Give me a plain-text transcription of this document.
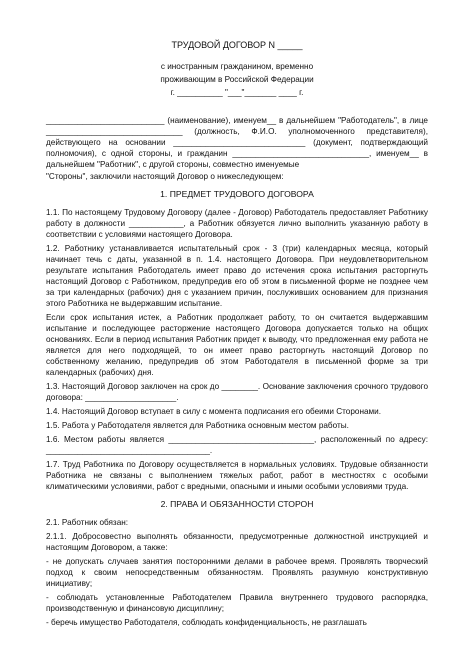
ТРУДОВОЙ ДОГОВОР N _____
с иностранным гражданином, временно
проживающим в Российской Федерации
г. __________ "___"_______ ____ г.

__________________________ (наименование), именуем__ в дальнейшем "Работодатель", в лице ______________________________ (должность, Ф.И.О. уполномоченного представителя), действующего на основании _____________________________ (документ, подтверждающий полномочия), с одной стороны, и гражданин ______________________________, именуем__ в дальнейшем "Работник", с другой стороны, совместно именуемые

"Стороны", заключили настоящий Договор о нижеследующем:

1. ПРЕДМЕТ ТРУДОВОГО ДОГОВОРА

1.1. По настоящему Трудовому Договору (далее - Договор) Работодатель предоставляет Работнику работу в должности ____________, а Работник обязуется лично выполнить указанную работу в соответствии с условиями настоящего Договора.

1.2. Работнику устанавливается испытательный срок - 3 (три) календарных месяца, который начинает течь с даты, указанной в п. 1.4. настоящего Договора. При неудовлетворительном результате испытания Работодатель имеет право до истечения срока испытания расторгнуть настоящий Договор с Работником, предупредив его об этом в письменной форме не позднее чем за три календарных (рабочих) дня с указанием причин, послуживших основанием для признания этого Работника не выдержавшим испытание.

Если срок испытания истек, а Работник продолжает работу, то он считается выдержавшим испытание и последующее расторжение настоящего Договора допускается только на общих основаниях. Если в период испытания Работник придет к выводу, что предложенная ему работа не является для него подходящей, то он имеет право расторгнуть настоящий Договор по собственному желанию, предупредив об этом Работодателя в письменной форме за три календарных (рабочих) дня.

1.3. Настоящий Договор заключен на срок до ________. Основание заключения срочного трудового договора: ____________________.

1.4. Настоящий Договор вступает в силу с момента подписания его обеими Сторонами.

1.5. Работа у Работодателя является для Работника основным местом работы.

1.6. Местом работы является ________________________________, расположенный по адресу: ____________________________________.

1.7. Труд Работника по Договору осуществляется в нормальных условиях. Трудовые обязанности Работника не связаны с выполнением тяжелых работ, работ в местностях с особыми климатическими условиями, работ с вредными, опасными и иными особыми условиями труда.

2. ПРАВА И ОБЯЗАННОСТИ СТОРОН

2.1. Работник обязан:

2.1.1. Добросовестно выполнять обязанности, предусмотренные должностной инструкцией и настоящим Договором, а также:

- не допускать случаев занятия посторонними делами в рабочее время. Проявлять творческий подход к своим непосредственным обязанностям. Проявлять разумную конструктивную инициативу;

- соблюдать установленные Работодателем Правила внутреннего трудового распорядка, производственную и финансовую дисциплину;

- беречь имущество Работодателя, соблюдать конфиденциальность, не разглашать
